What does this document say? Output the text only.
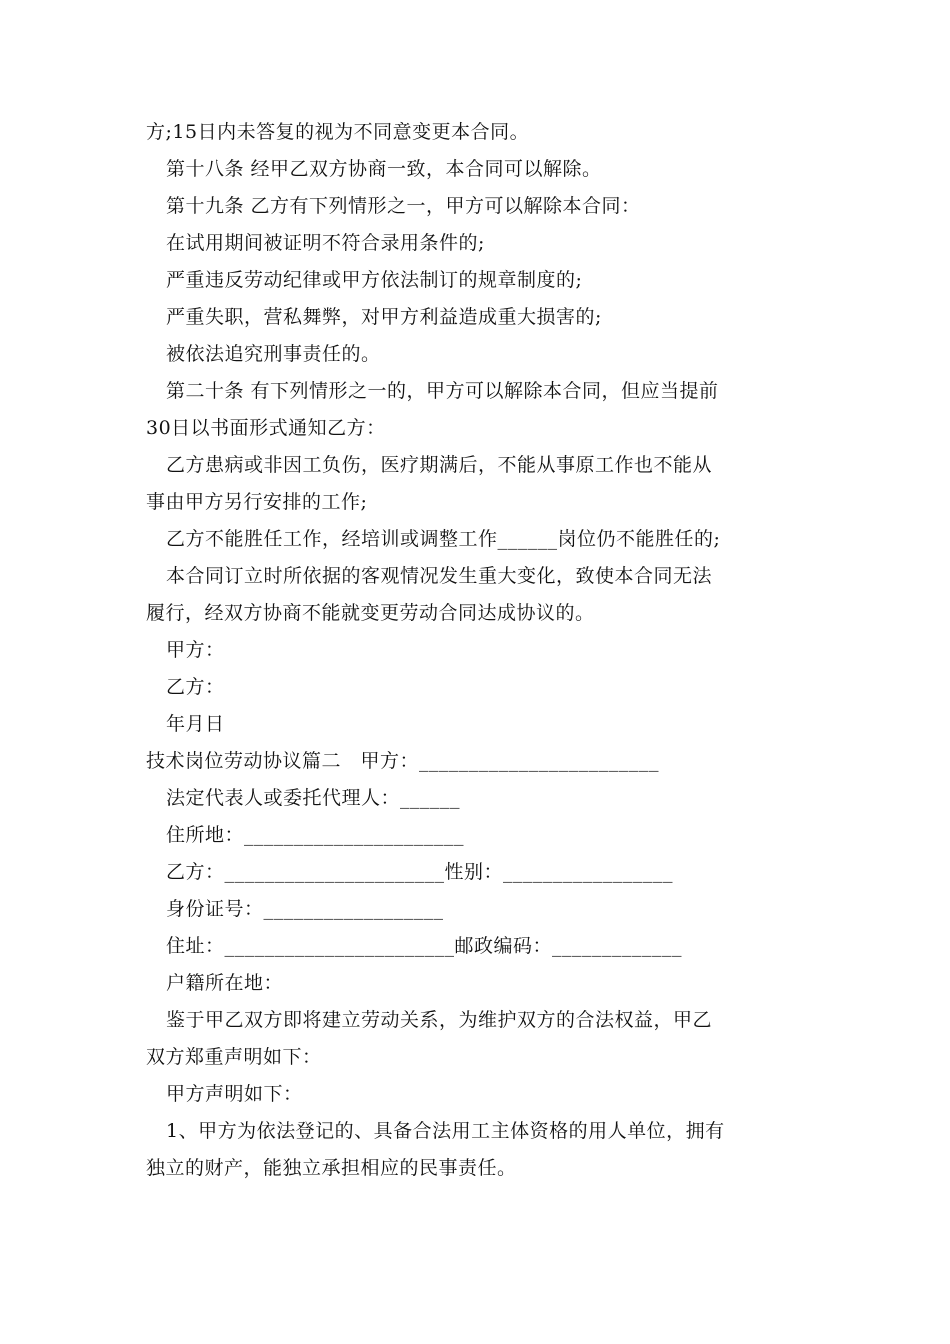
方;15日内未答复的视为不同意变更本合同。
第十八条 经甲乙双方协商一致，本合同可以解除。
第十九条 乙方有下列情形之一，甲方可以解除本合同：
在试用期间被证明不符合录用条件的;
严重违反劳动纪律或甲方依法制订的规章制度的;
严重失职，营私舞弊，对甲方利益造成重大损害的;
被依法追究刑事责任的。
第二十条 有下列情形之一的，甲方可以解除本合同，但应当提前
30日以书面形式通知乙方：
乙方患病或非因工负伤，医疗期满后，不能从事原工作也不能从
事由甲方另行安排的工作;
乙方不能胜任工作，经培训或调整工作______岗位仍不能胜任的;
本合同订立时所依据的客观情况发生重大变化，致使本合同无法
履行，经双方协商不能就变更劳动合同达成协议的。
甲方：
乙方：
年月日
技术岗位劳动协议篇二　甲方：________________________
法定代表人或委托代理人：______
住所地：______________________
乙方：______________________性别：_________________
身份证号：__________________
住址：_______________________邮政编码：_____________
户籍所在地：
鉴于甲乙双方即将建立劳动关系，为维护双方的合法权益，甲乙
双方郑重声明如下：
甲方声明如下：
1、甲方为依法登记的、具备合法用工主体资格的用人单位，拥有
独立的财产，能独立承担相应的民事责任。
